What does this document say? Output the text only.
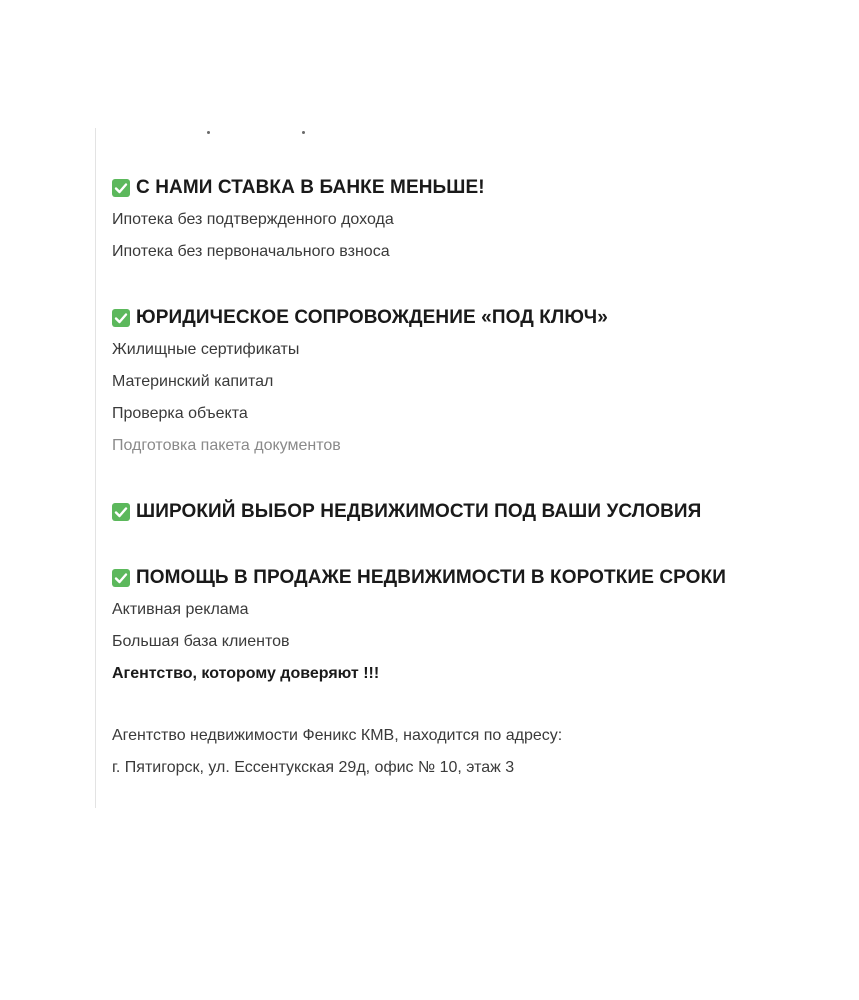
С НАМИ СТАВКА В БАНКЕ МЕНЬШЕ!
Ипотека без подтвержденного дохода
Ипотека без первоначального взноса
ЮРИДИЧЕСКОЕ СОПРОВОЖДЕНИЕ «ПОД КЛЮЧ»
Жилищные сертификаты
Материнский капитал
Проверка объекта
Подготовка пакета документов
ШИРОКИЙ ВЫБОР НЕДВИЖИМОСТИ ПОД ВАШИ УСЛОВИЯ
ПОМОЩЬ В ПРОДАЖЕ НЕДВИЖИМОСТИ В КОРОТКИЕ СРОКИ
Активная реклама
Большая база клиентов
Агентство, которому доверяют !!!
Агентство недвижимости Феникс КМВ, находится по адресу:
г. Пятигорск, ул. Ессентукская 29д, офис № 10, этаж 3
